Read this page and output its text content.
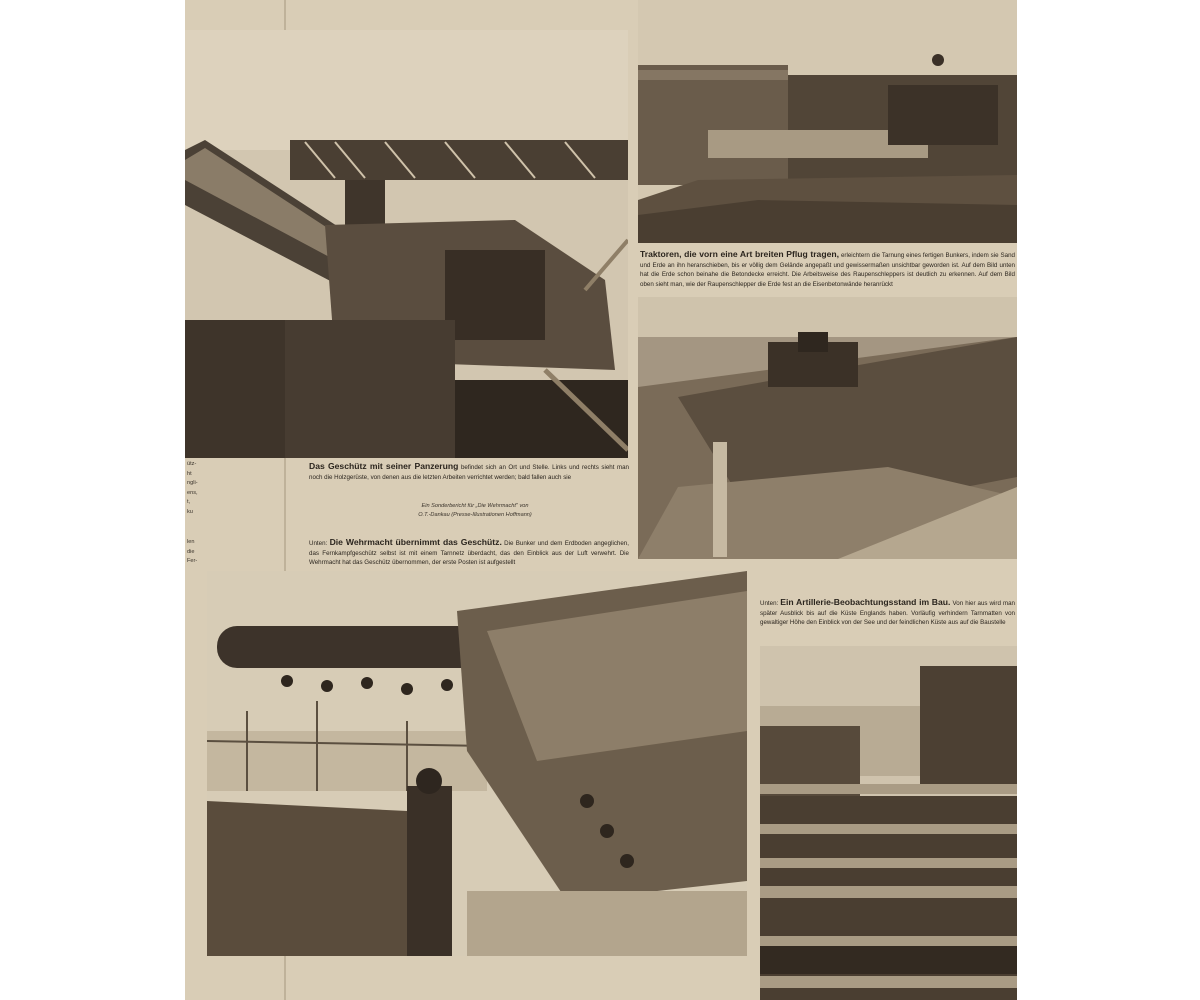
Das Geschütz mit seiner Panzerung befindet sich an Ort und Stelle. Links und rechts sieht man noch die Holzgerüste, von denen aus die letzten Arbeiten verrichtet werden; bald fallen auch sie
Ein Sonderbericht für „Die Wehrmacht" von
O.T.-Dankau (Presse-Illustrationen Hoffmann)
Unten: Die Wehrmacht übernimmt das Geschütz. Die Bunker und dem Erdboden angeglichen, das Fernkampfgeschütz selbst ist mit einem Tarnnetz überdacht, das den Einblick aus der Luft verwehrt. Die Wehrmacht hat das Geschütz übernommen, der erste Posten ist aufgestellt
Traktoren, die vorn eine Art breiten Pflug tragen, erleichtern die Tarnung eines fertigen Bunkers, indem sie Sand und Erde an ihn heranschieben, bis er völlig dem Gelände angepaßt und gewissermaßen unsichtbar geworden ist. Auf dem Bild unten hat die Erde schon beinahe die Betondecke erreicht. Die Arbeitsweise des Raupenschleppers ist deutlich zu erkennen. Auf dem Bild oben sieht man, wie der Raupenschlepper die Erde fest an die Eisenbetonwände heranrückt
Unten: Ein Artillerie-Beobachtungsstand im Bau. Von hier aus wird man später Ausblick bis auf die Küste Englands haben. Vorläufig verhindern Tarnmatten von gewaltiger Höhe den Einblick von der See und der feindlichen Küste aus auf die Baustelle
ütz-
ht
ngli-
ens,
t,
ku
len
die
Fer-
